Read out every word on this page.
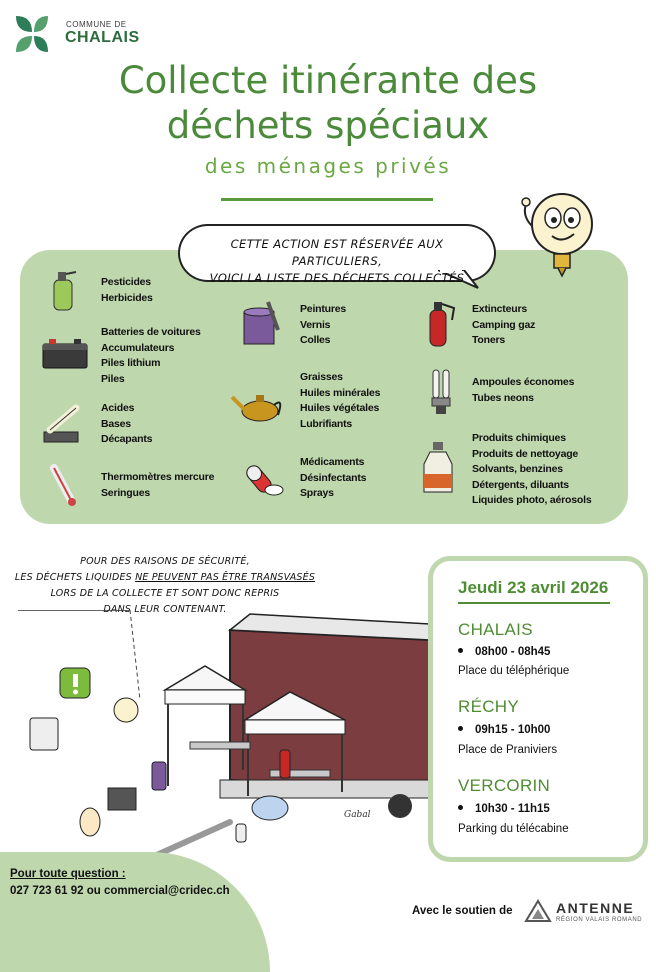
COMMUNE DE
CHALAIS
Collecte itinérante des
déchets spéciaux
des ménages privés
CETTE ACTION EST RÉSERVÉE AUX PARTICULIERS,
VOICI LA LISTE DES DÉCHETS COLLECTÉS
Pesticides
Herbicides
Batteries de voitures
Accumulateurs
Piles lithium
Piles
Acides
Bases
Décapants
Thermomètres mercure
Seringues
Peintures
Vernis
Colles
Graisses
Huiles minérales
Huiles végétales
Lubrifiants
Médicaments
Désinfectants
Sprays
Extincteurs
Camping gaz
Toners
Ampoules économes
Tubes neons
Produits chimiques
Produits de nettoyage
Solvants, benzines
Détergents, diluants
Liquides photo, aérosols
POUR DES RAISONS DE SÉCURITÉ,
LES DÉCHETS LIQUIDES NE PEUVENT PAS ÊTRE TRANSVASÉS
LORS DE LA COLLECTE ET SONT DONC REPRIS
DANS LEUR CONTENANT.
Gabal
Jeudi 23 avril 2026
CHALAIS
08h00 - 08h45
Place du téléphérique
RÉCHY
09h15 - 10h00
Place de Praniviers
VERCORIN
10h30 - 11h15
Parking du télécabine
Pour toute question :
027 723 61 92 ou commercial@cridec.ch
Avec le soutien de	ANTENNE
RÉGION VALAIS ROMAND
